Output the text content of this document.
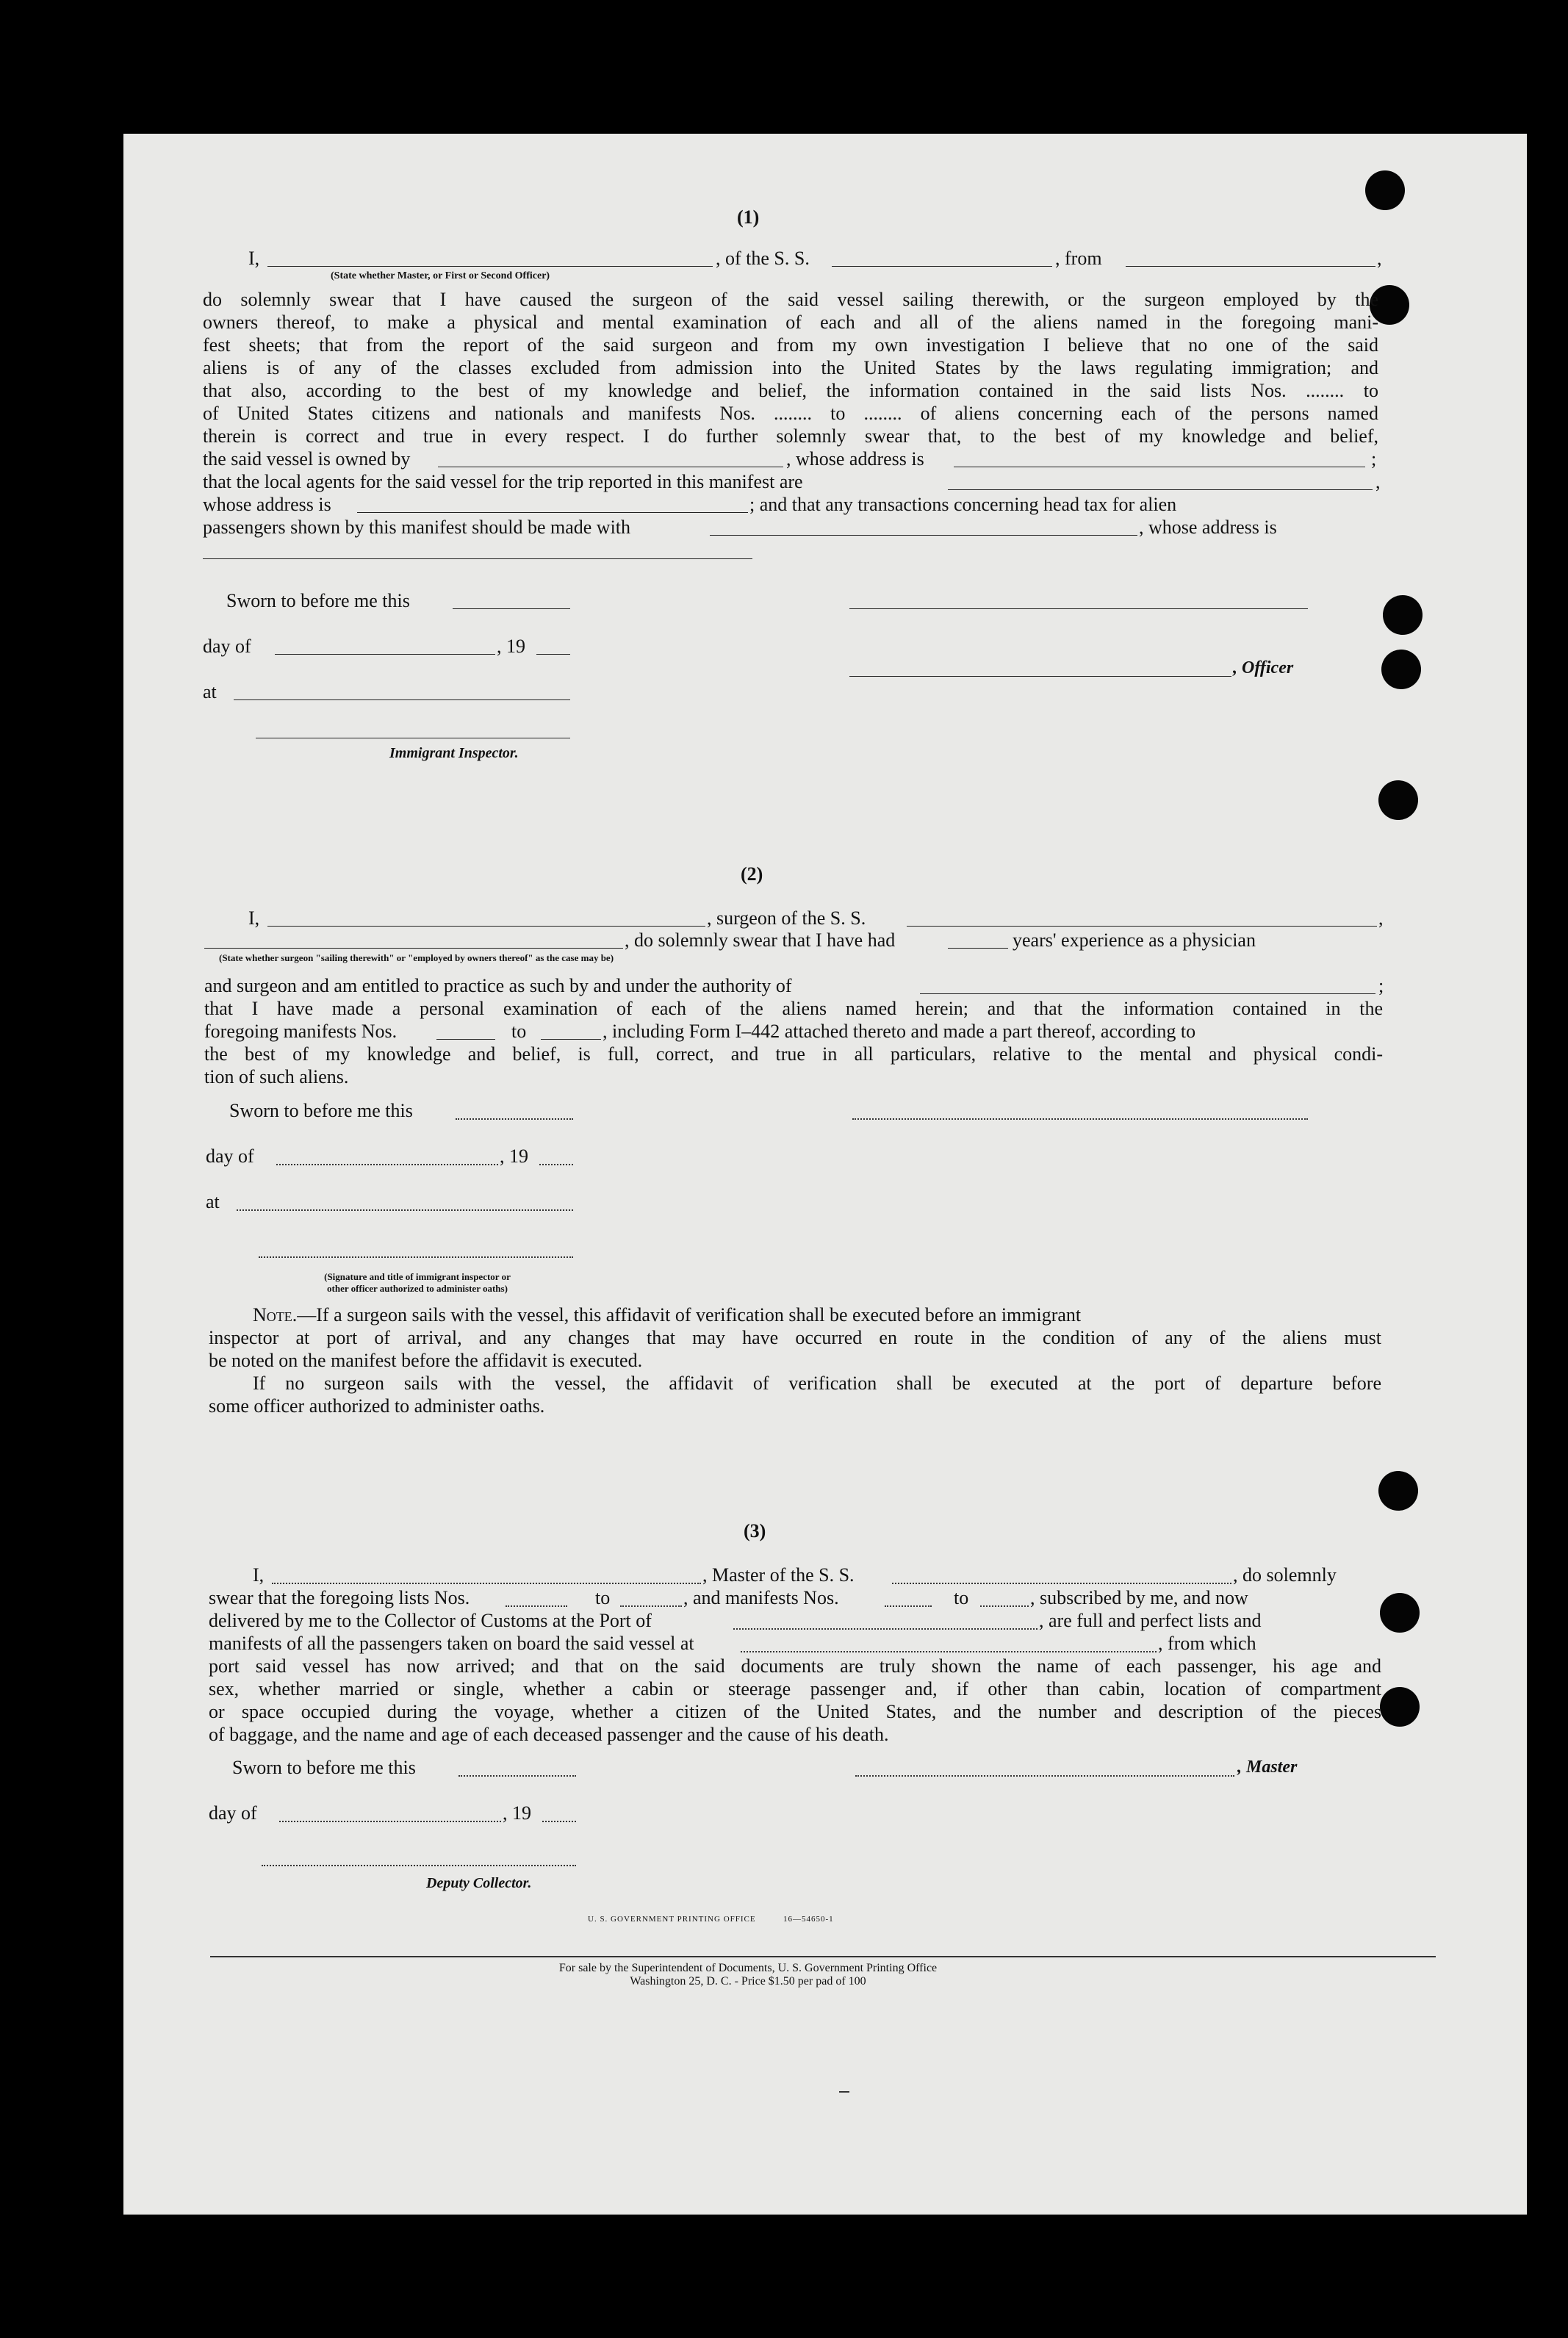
(1)
I,	, of the S. S.	, from	,
(State whether Master, or First or Second Officer)
do solemnly swear that I have caused the surgeon of the said vessel sailing therewith, or the surgeon employed by the
owners thereof, to make a physical and mental examination of each and all of the aliens named in the foregoing mani-
fest sheets; that from the report of the said surgeon and from my own investigation I believe that no one of the said
aliens is of any of the classes excluded from admission into the United States by the laws regulating immigration; and
that also, according to the best of my knowledge and belief, the information contained in the said lists Nos. ........ to
of United States citizens and nationals and manifests Nos. ........ to ........ of aliens concerning each of the persons named
therein is correct and true in every respect. I do further solemnly swear that, to the best of my knowledge and belief,
the said vessel is owned by	, whose address is	;
that the local agents for the said vessel for the trip reported in this manifest are	,
whose address is	; and that any transactions concerning head tax for alien
passengers shown by this manifest should be made with	, whose address is
Sworn to before me this
day of	, 19
, Officer
at
Immigrant Inspector.
(2)
I,	, surgeon of the S. S.	,
, do solemnly swear that I have had	years' experience as a physician
(State whether surgeon "sailing therewith" or "employed by owners thereof" as the case may be)
and surgeon and am entitled to practice as such by and under the authority of	;
that I have made a personal examination of each of the aliens named herein; and that the information contained in the
foregoing manifests Nos.	to	, including Form I–442 attached thereto and made a part thereof, according to
the best of my knowledge and belief, is full, correct, and true in all particulars, relative to the mental and physical condi-
tion of such aliens.
Sworn to before me this
day of	, 19
at
(Signature and title of immigrant inspector or
other officer authorized to administer oaths)
Note.—If a surgeon sails with the vessel, this affidavit of verification shall be executed before an immigrant
inspector at port of arrival, and any changes that may have occurred en route in the condition of any of the aliens must
be noted on the manifest before the affidavit is executed.
If no surgeon sails with the vessel, the affidavit of verification shall be executed at the port of departure before
some officer authorized to administer oaths.
(3)
I,	, Master of the S. S.	, do solemnly
swear that the foregoing lists Nos.	to	, and manifests Nos.	to	, subscribed by me, and now
delivered by me to the Collector of Customs at the Port of	, are full and perfect lists and
manifests of all the passengers taken on board the said vessel at	, from which
port said vessel has now arrived; and that on the said documents are truly shown the name of each passenger, his age and
sex, whether married or single, whether a cabin or steerage passenger and, if other than cabin, location of compartment
or space occupied during the voyage, whether a citizen of the United States, and the number and description of the pieces
of baggage, and the name and age of each deceased passenger and the cause of his death.
Sworn to before me this	, Master
day of	, 19
Deputy Collector.
U. S. GOVERNMENT PRINTING OFFICE	16—54650-1
For sale by the Superintendent of Documents, U. S. Government Printing Office
Washington 25, D. C. - Price $1.50 per pad of 100
